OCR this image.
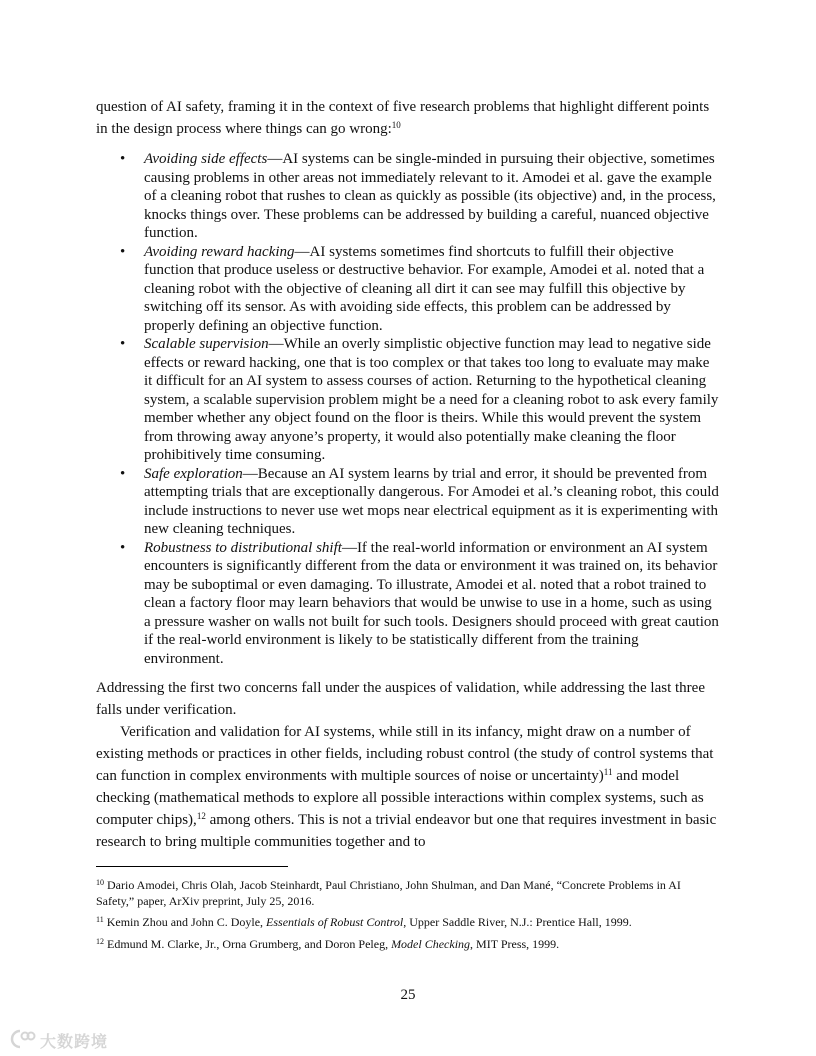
question of AI safety, framing it in the context of five research problems that highlight different points in the design process where things can go wrong:$^{10}$

• Avoiding side effects—AI systems can be single-minded in pursuing their objective, sometimes causing problems in other areas not immediately relevant to it. Amodei et al. gave the example of a cleaning robot that rushes to clean as quickly as possible (its objective) and, in the process, knocks things over. These problems can be addressed by building a careful, nuanced objective function.
• Avoiding reward hacking—AI systems sometimes find shortcuts to fulfill their objective function that produce useless or destructive behavior. For example, Amodei et al. noted that a cleaning robot with the objective of cleaning all dirt it can see may fulfill this objective by switching off its sensor. As with avoiding side effects, this problem can be addressed by properly defining an objective function.
• Scalable supervision—While an overly simplistic objective function may lead to negative side effects or reward hacking, one that is too complex or that takes too long to evaluate may make it difficult for an AI system to assess courses of action. Returning to the hypothetical cleaning system, a scalable supervision problem might be a need for a cleaning robot to ask every family member whether any object found on the floor is theirs. While this would prevent the system from throwing away anyone’s property, it would also potentially make cleaning the floor prohibitively time consuming.
• Safe exploration—Because an AI system learns by trial and error, it should be prevented from attempting trials that are exceptionally dangerous. For Amodei et al.’s cleaning robot, this could include instructions to never use wet mops near electrical equipment as it is experimenting with new cleaning techniques.
• Robustness to distributional shift—If the real-world information or environment an AI system encounters is significantly different from the data or environment it was trained on, its behavior may be suboptimal or even damaging. To illustrate, Amodei et al. noted that a robot trained to clean a factory floor may learn behaviors that would be unwise to use in a home, such as using a pressure washer on walls not built for such tools. Designers should proceed with great caution if the real-world environment is likely to be statistically different from the training environment.

Addressing the first two concerns fall under the auspices of validation, while addressing the last three falls under verification.

Verification and validation for AI systems, while still in its infancy, might draw on a number of existing methods or practices in other fields, including robust control (the study of control systems that can function in complex environments with multiple sources of noise or uncertainty)$^{11}$ and model checking (mathematical methods to explore all possible interactions within complex systems, such as computer chips),$^{12}$ among others. This is not a trivial endeavor but one that requires investment in basic research to bring multiple communities together and to

$^{10}$ Dario Amodei, Chris Olah, Jacob Steinhardt, Paul Christiano, John Shulman, and Dan Mané, “Concrete Problems in AI Safety,” paper, ArXiv preprint, July 25, 2016.

$^{11}$ Kemin Zhou and John C. Doyle, Essentials of Robust Control, Upper Saddle River, N.J.: Prentice Hall, 1999.

$^{12}$ Edmund M. Clarke, Jr., Orna Grumberg, and Doron Peleg, Model Checking, MIT Press, 1999.

25
大数跨境
